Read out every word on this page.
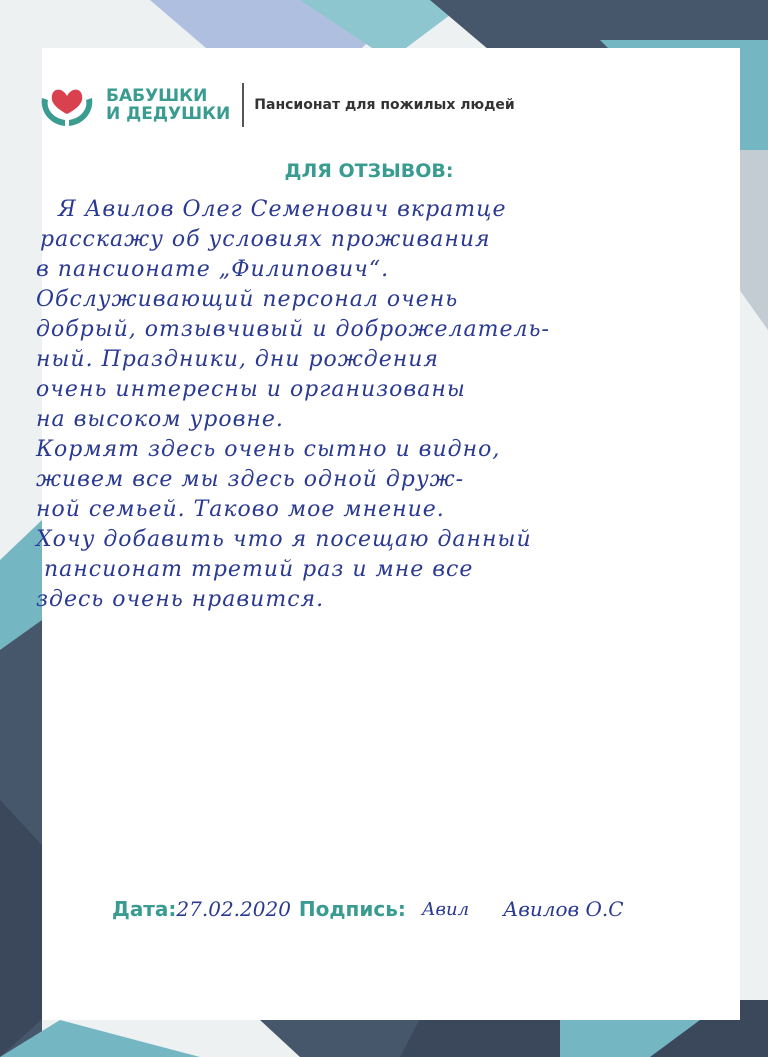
БАБУШКИ
И ДЕДУШКИ Пансионат для пожилых людей
ДЛЯ ОТЗЫВОВ:
Я Авилов Олег Семенович вкратце
расскажу об условиях проживания
в пансионате „Филипович“.
Обслуживающий персонал очень
добрый, отзывчивый и доброжелатель-
ный. Праздники, дни рождения
очень интересны и организованы
на высоком уровне.
Кормят здесь очень сытно и видно,
живем все мы здесь одной друж-
ной семьей. Таково мое мнение.
Хочу добавить что я посещаю данный
пансионат третий раз и мне все
здесь очень нравится.
Дата: 27.02.2020 Подпись: Авил Авилов О.С
